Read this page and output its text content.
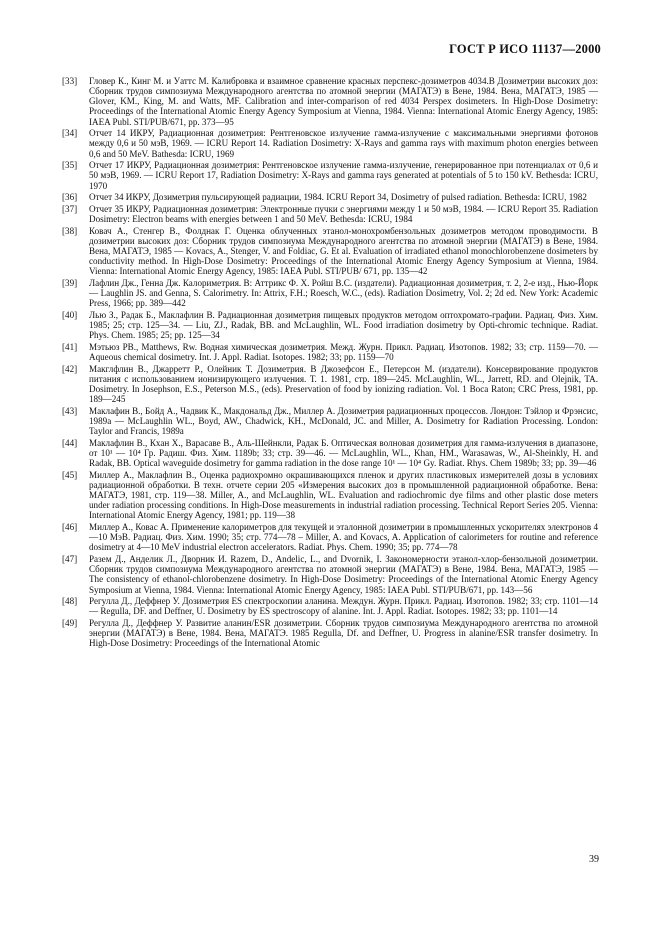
ГОСТ Р ИСО 11137—2000
[33]	Гловер К., Кинг М. и Уаттс М. Калибровка и взаимное сравнение красных перспекс-дозиметров 4034.В Дозиметрии высоких доз: Сборник трудов симпозиума Международного агентства по атомной энергии (МАГАТЭ) в Вене, 1984. Вена, МАГАТЭ, 1985 — Glover, KM., King, M. and Watts, MF. Calibration and inter-comparison of red 4034 Perspex dosimeters. In High-Dose Dosimetry: Proceedings of the International Atomic Energy Agency Symposium at Vienna, 1984. Vienna: International Atomic Energy Agency, 1985: IAEA Publ. STI/PUB/671, pp. 373—95
[34]	Отчет 14 ИКРУ, Радиационная дозиметрия: Рентгеновское излучение гамма-излучение с максимальными энергиями фотонов между 0,6 и 50 мэВ, 1969. — ICRU Report 14. Radiation Dosimetry: X-Rays and gamma rays with maximum photon energies between 0,6 and 50 MeV. Bathesda: ICRU, 1969
[35]	Отчет 17 ИКРУ, Радиационная дозиметрия: Рентгеновское излучение гамма-излучение, генерированное при потенциалах от 0,6 и 50 мэВ, 1969. — ICRU Report 17, Radiation Dosimetry: X-Rays and gamma rays generated at potentials of 5 to 150 kV. Bethesda: ICRU, 1970
[36]	Отчет 34 ИКРУ, Дозиметрия пульсирующей радиации, 1984. ICRU Report 34, Dosimetry of pulsed radiation. Bethesda: ICRU, 1982
[37]	Отчет 35 ИКРУ, Радиационная дозиметрия: Электронные пучки с энергиями между 1 и 50 мэВ, 1984. — ICRU Report 35. Radiation Dosimetry: Electron beams with energies between 1 and 50 MeV. Bethesda: ICRU, 1984
[38]	Ковач А., Стенгер В., Фолднак Г. Оценка облученных этанол-монохромбензольных дозиметров методом проводимости. В дозиметрии высоких доз: Сборник трудов симпозиума Международного агентства по атомной энергии (МАГАТЭ) в Вене, 1984. Вена, МАГАТЭ, 1985 — Kovacs, A., Stenger, V. and Foldiac, G. Et al. Evaluation of irradiated ethanol monochlorobenzene dosimeters by conductivity method. In High-Dose Dosimetry: Proceedings of the International Atomic Energy Agency Symposium at Vienna, 1984. Vienna: International Atomic Energy Agency, 1985: IAEA Publ. STI/PUB/ 671, pp. 135—42
[39]	Лафлин Дж., Генна Дж. Калориметрия. В: Аттрикс Ф. Х. Ройш В.С. (издатели). Радиационная дозиметрия, т. 2, 2-е изд., Нью-Йорк — Laughlin JS. and Genna, S. Calorimetry. In: Attrix, F.H.; Roesch, W.C., (eds). Radiation Dosimetry, Vol. 2; 2d ed. New York: Academic Press, 1966; pp. 389—442
[40]	Лью З., Радак Б., Маклафлин В. Радиационная дозиметрия пищевых продуктов методом оптохромато-графии. Радиац. Физ. Хим. 1985; 25; стр. 125—34. — Liu, ZJ., Radak, BB. and McLaughlin, WL. Food irradiation dosimetry by Opti-chromic technique. Radiat. Phys. Chem. 1985; 25; pp. 125—34
[41]	Мэтьюз PB., Matthews, Rw. Водная химическая дозиметрия. Межд. Журн. Прикл. Радиац. Изотопов. 1982; 33; стр. 1159—70. — Aqueous chemical dosimetry. Int. J. Appl. Radiat. Isotopes. 1982; 33; pp. 1159—70
[42]	Макглфлин В., Джарретт Р., Олейник Т. Дозиметрия. В Джозефсон Е., Петерсон М. (издатели). Консервирование продуктов питания с использованием ионизирующего излучения. Т. 1. 1981, стр. 189—245. McLaughlin, WL., Jarrett, RD. and Olejnik, TA. Dosimetry. In Josephson, E.S., Peterson M.S., (eds). Preservation of food by ionizing radiation. Vol. 1 Boca Raton; CRC Press, 1981, pp. 189—245
[43]	Маклафин В., Бойд А., Чадвик К., Макдональд Дж., Миллер А. Дозиметрия радиационных процессов. Лондон: Тэйлор и Фрэнсис, 1989a — McLaughlin WL., Boyd, AW., Chadwick, KH., McDonald, JC. and Miller, A. Dosimetry for Radiation Processing. London: Taylor and Francis, 1989a
[44]	Маклафлин В., Кхан Х., Варасаве В., Аль-Шейнкли, Радак Б. Оптическая волновая дозиметрия для гамма-излучения в диапазоне, от 10¹ — 10⁴ Гр. Радиш. Физ. Хим. 1189b; 33; стр. 39—46. — McLaughlin, WL., Khan, HM., Warasawas, W., Al-Sheinkly, H. and Radak, BB. Optical waveguide dosimetry for gamma radiation in the dose range 10¹ — 10⁴ Gy. Radiat. Rhys. Chem 1989b; 33; pp. 39—46
[45]	Миллер А., Маклафлин В., Оценка радиохромно окрашивающихся пленок и других пластиковых измерителей дозы в условиях радиационной обработки. В техн. отчете серии 205 «Измерения высоких доз в промышленной радиационной обработке. Вена: МАГАТЭ, 1981, стр. 119—38. Miller, A., and McLaughlin, WL. Evaluation and radiochromic dye films and other plastic dose meters under radiation processing conditions. In High-Dose measurements in industrial radiation processing. Technical Report Series 205. Vienna: International Atomic Energy Agency, 1981; pp. 119—38
[46]	Миллер А., Ковас А. Применение калориметров для текущей и эталонной дозиметрии в промышленных ускорителях электронов 4—10 МэВ. Радиац. Физ. Хим. 1990; 35; стр. 774—78 – Miller, A. and Kovacs, A. Application of calorimeters for routine and reference dosimetry at 4—10 MeV industrial electron accelerators. Radiat. Phys. Chem. 1990; 35; pp. 774—78
[47]	Разем Д., Анделик Л., Дворник И. Razem, D., Andelic, L., and Dvornik, I. Закономерности этанол-хлор-бензольной дозиметрии. Сборник трудов симпозиума Международного агентства по атомной энергии (МАГАТЭ) в Вене, 1984. Вена, МАГАТЭ, 1985 — The consistency of ethanol-chlorobenzene dosimetry. In High-Dose Dosimetry: Proceedings of the International Atomic Energy Agency Symposium at Vienna, 1984. Vienna: International Atomic Energy Agency, 1985: IAEA Publ. STI/PUB/671, pp. 143—56
[48]	Регулла Д., Деффнер У. Дозиметрия ES спектроскопии аланина. Междун. Журн. Прикл. Радиац. Изотопов. 1982; 33; стр. 1101—14 — Regulla, DF. and Deffner, U. Dosimetry by ES spectroscopy of alanine. Int. J. Appl. Radiat. Isotopes. 1982; 33; pp. 1101—14
[49]	Регулла Д., Деффнер У. Развитие аланин/ESR дозиметрии. Сборник трудов симпозиума Международного агентства по атомной энергии (МАГАТЭ) в Вене, 1984. Вена, МАГАТЭ. 1985 Regulla, Df. and Deffner, U. Progress in alanine/ESR transfer dosimetry. In High-Dose Dosimetry: Proceedings of the International Atomic
39
